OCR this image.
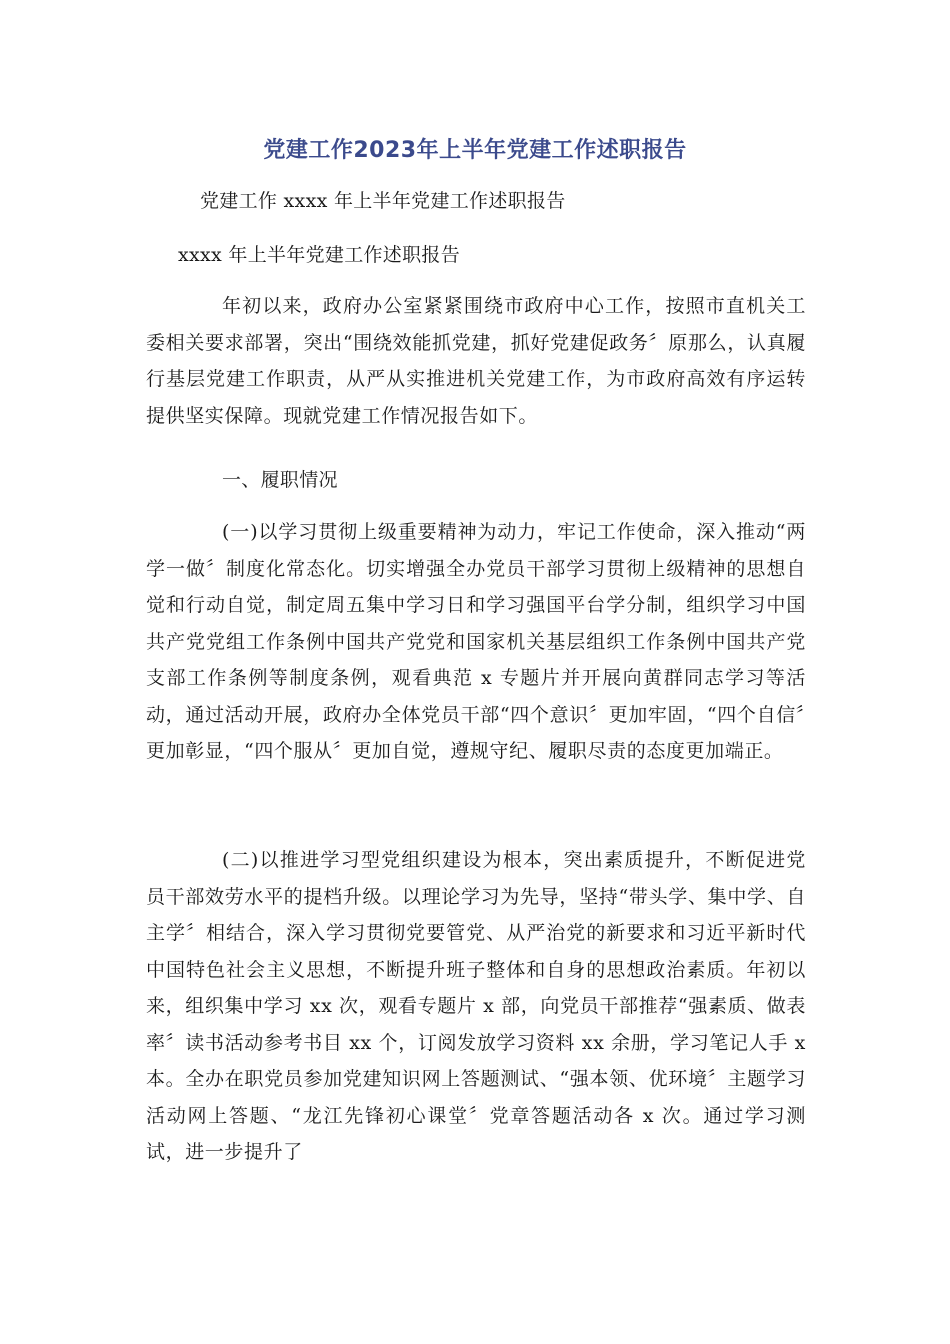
党建工作2023年上半年党建工作述职报告
党建工作 xxxx 年上半年党建工作述职报告
xxxx 年上半年党建工作述职报告
年初以来，政府办公室紧紧围绕市政府中心工作，按照市直机关工委相关要求部署，突出“围绕效能抓党建，抓好党建促政务〞原那么，认真履行基层党建工作职责，从严从实推进机关党建工作，为市政府高效有序运转提供坚实保障。现就党建工作情况报告如下。
一、履职情况
(一)以学习贯彻上级重要精神为动力，牢记工作使命，深入推动“两学一做〞制度化常态化。切实增强全办党员干部学习贯彻上级精神的思想自觉和行动自觉，制定周五集中学习日和学习强国平台学分制，组织学习中国共产党党组工作条例中国共产党党和国家机关基层组织工作条例中国共产党支部工作条例等制度条例，观看典范 x 专题片并开展向黄群同志学习等活动，通过活动开展，政府办全体党员干部“四个意识〞更加牢固，“四个自信〞更加彰显，“四个服从〞更加自觉，遵规守纪、履职尽责的态度更加端正。
(二)以推进学习型党组织建设为根本，突出素质提升，不断促进党员干部效劳水平的提档升级。以理论学习为先导，坚持“带头学、集中学、自主学〞相结合，深入学习贯彻党要管党、从严治党的新要求和习近平新时代中国特色社会主义思想，不断提升班子整体和自身的思想政治素质。年初以来，组织集中学习 xx 次，观看专题片 x 部，向党员干部推荐“强素质、做表率〞读书活动参考书目 xx 个，订阅发放学习资料 xx 余册，学习笔记人手 x 本。全办在职党员参加党建知识网上答题测试、“强本领、优环境〞主题学习活动网上答题、“龙江先锋初心课堂〞党章答题活动各 x 次。通过学习测试，进一步提升了
